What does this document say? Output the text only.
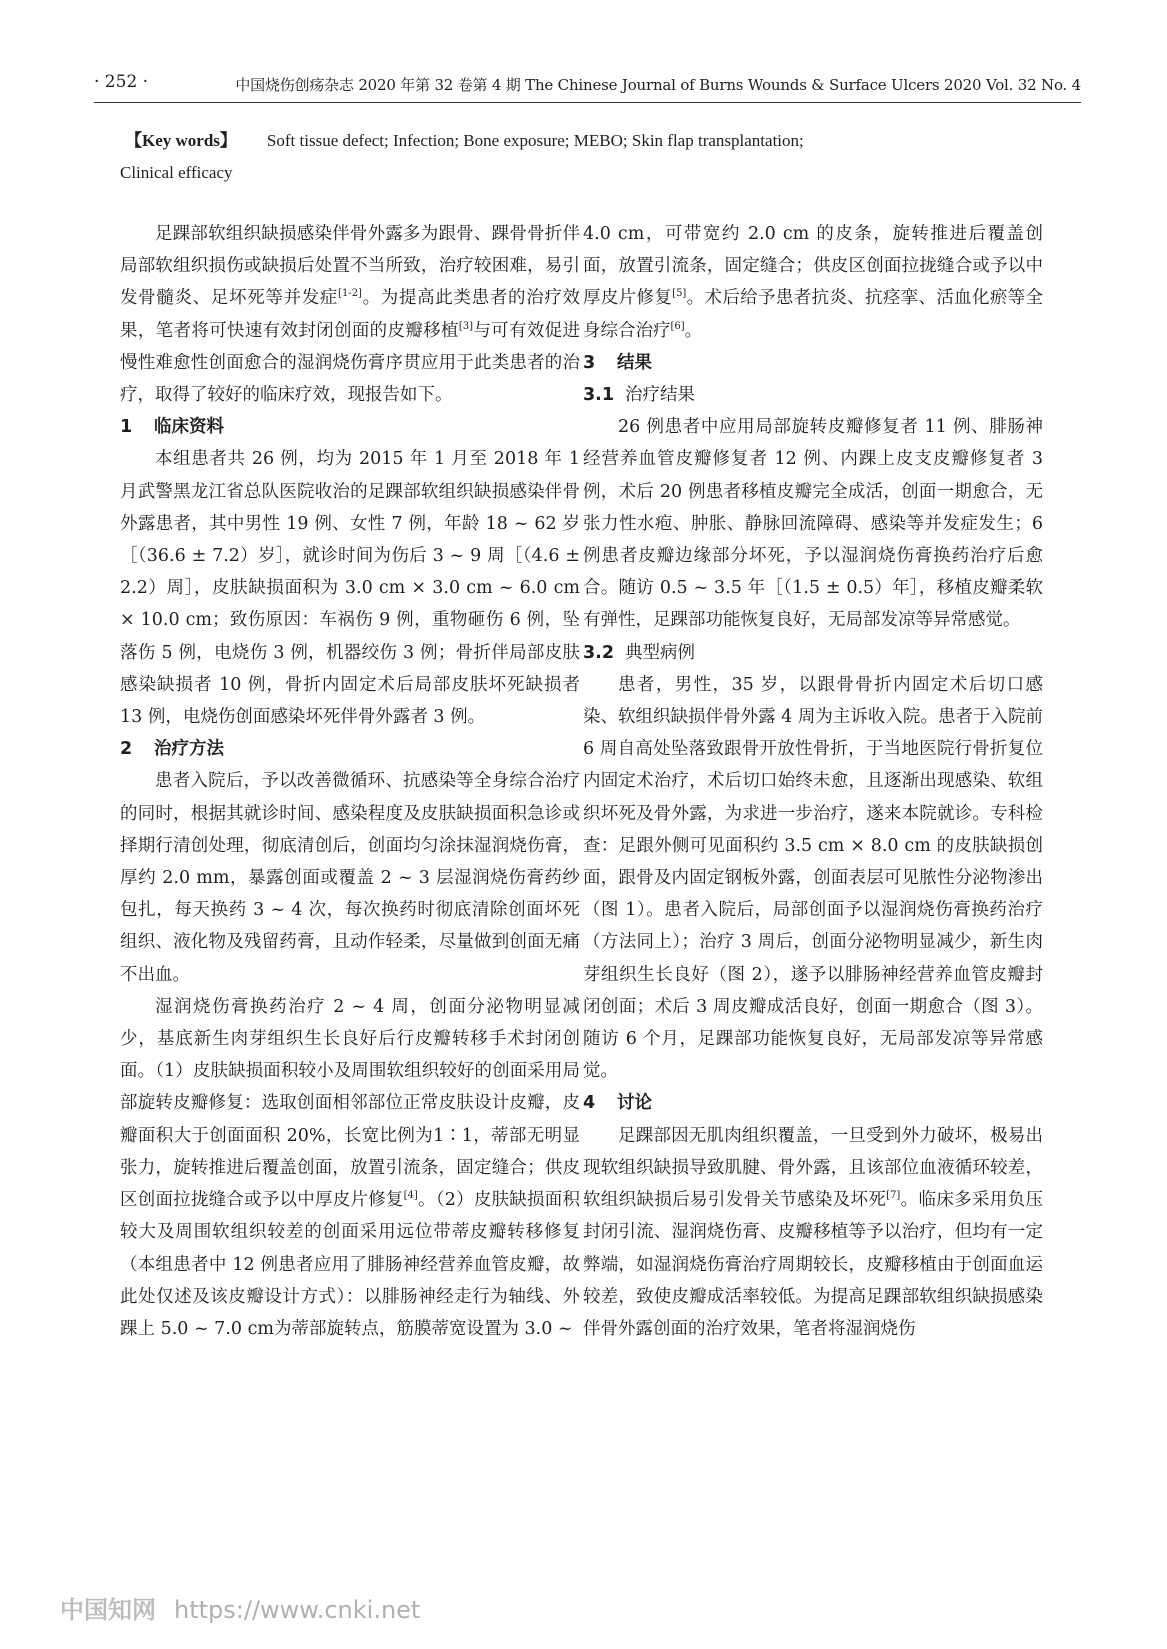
· 252 ·	中国烧伤创疡杂志 2020 年第 32 卷第 4 期 The Chinese Journal of Burns Wounds & Surface Ulcers 2020 Vol. 32 No. 4
【Key words】 Soft tissue defect; Infection; Bone exposure; MEBO; Skin flap transplantation;
Clinical efficacy

足踝部软组织缺损感染伴骨外露多为跟骨、踝骨骨折伴局部软组织损伤或缺损后处置不当所致，治疗较困难，易引发骨髓炎、足坏死等并发症[1-2]。为提高此类患者的治疗效果，笔者将可快速有效封闭创面的皮瓣移植[3]与可有效促进慢性难愈性创面愈合的湿润烧伤膏序贯应用于此类患者的治疗，取得了较好的临床疗效，现报告如下。

1 临床资料

本组患者共 26 例，均为 2015 年 1 月至 2018 年 1 月武警黑龙江省总队医院收治的足踝部软组织缺损感染伴骨外露患者，其中男性 19 例、女性 7 例，年龄 18 ~ 62 岁［（36.6 ± 7.2）岁］，就诊时间为伤后 3 ~ 9 周［（4.6 ± 2.2）周］，皮肤缺损面积为 3.0 cm × 3.0 cm ~ 6.0 cm × 10.0 cm；致伤原因：车祸伤 9 例，重物砸伤 6 例，坠落伤 5 例，电烧伤 3 例，机器绞伤 3 例；骨折伴局部皮肤感染缺损者 10 例，骨折内固定术后局部皮肤坏死缺损者 13 例，电烧伤创面感染坏死伴骨外露者 3 例。

2 治疗方法

患者入院后，予以改善微循环、抗感染等全身综合治疗的同时，根据其就诊时间、感染程度及皮肤缺损面积急诊或择期行清创处理，彻底清创后，创面均匀涂抹湿润烧伤膏，厚约 2.0 mm，暴露创面或覆盖 2 ~ 3 层湿润烧伤膏药纱包扎，每天换药 3 ~ 4 次，每次换药时彻底清除创面坏死组织、液化物及残留药膏，且动作轻柔，尽量做到创面无痛不出血。

湿润烧伤膏换药治疗 2 ~ 4 周，创面分泌物明显减少，基底新生肉芽组织生长良好后行皮瓣转移手术封闭创面。（1）皮肤缺损面积较小及周围软组织较好的创面采用局部旋转皮瓣修复：选取创面相邻部位正常皮肤设计皮瓣，皮瓣面积大于创面面积 20%，长宽比例为1∶1，蒂部无明显张力，旋转推进后覆盖创面，放置引流条，固定缝合；供皮区创面拉拢缝合或予以中厚皮片修复[4]。（2）皮肤缺损面积较大及周围软组织较差的创面采用远位带蒂皮瓣转移修复（本组患者中 12 例患者应用了腓肠神经营养血管皮瓣，故此处仅述及该皮瓣设计方式）：以腓肠神经走行为轴线、外踝上 5.0 ~ 7.0 cm为蒂部旋转点，筋膜蒂宽设置为 3.0 ~

4.0 cm，可带宽约 2.0 cm 的皮条，旋转推进后覆盖创面，放置引流条，固定缝合；供皮区创面拉拢缝合或予以中厚皮片修复[5]。术后给予患者抗炎、抗痉挛、活血化瘀等全身综合治疗[6]。

3 结果
3.1 治疗结果

26 例患者中应用局部旋转皮瓣修复者 11 例、腓肠神经营养血管皮瓣修复者 12 例、内踝上皮支皮瓣修复者 3 例，术后 20 例患者移植皮瓣完全成活，创面一期愈合，无张力性水疱、肿胀、静脉回流障碍、感染等并发症发生；6 例患者皮瓣边缘部分坏死，予以湿润烧伤膏换药治疗后愈合。随访 0.5 ~ 3.5 年［（1.5 ± 0.5）年］，移植皮瓣柔软有弹性，足踝部功能恢复良好，无局部发凉等异常感觉。

3.2 典型病例

患者，男性，35 岁，以跟骨骨折内固定术后切口感染、软组织缺损伴骨外露 4 周为主诉收入院。患者于入院前 6 周自高处坠落致跟骨开放性骨折，于当地医院行骨折复位内固定术治疗，术后切口始终未愈，且逐渐出现感染、软组织坏死及骨外露，为求进一步治疗，遂来本院就诊。专科检查：足跟外侧可见面积约 3.5 cm × 8.0 cm 的皮肤缺损创面，跟骨及内固定钢板外露，创面表层可见脓性分泌物渗出（图 1）。患者入院后，局部创面予以湿润烧伤膏换药治疗（方法同上）；治疗 3 周后，创面分泌物明显减少，新生肉芽组织生长良好（图 2），遂予以腓肠神经营养血管皮瓣封闭创面；术后 3 周皮瓣成活良好，创面一期愈合（图 3）。随访 6 个月，足踝部功能恢复良好，无局部发凉等异常感觉。

4 讨论

足踝部因无肌肉组织覆盖，一旦受到外力破坏，极易出现软组织缺损导致肌腱、骨外露，且该部位血液循环较差，软组织缺损后易引发骨关节感染及坏死[7]。临床多采用负压封闭引流、湿润烧伤膏、皮瓣移植等予以治疗，但均有一定弊端，如湿润烧伤膏治疗周期较长，皮瓣移植由于创面血运较差，致使皮瓣成活率较低。为提高足踝部软组织缺损感染伴骨外露创面的治疗效果，笔者将湿润烧伤

中国知网 https://www.cnki.net
